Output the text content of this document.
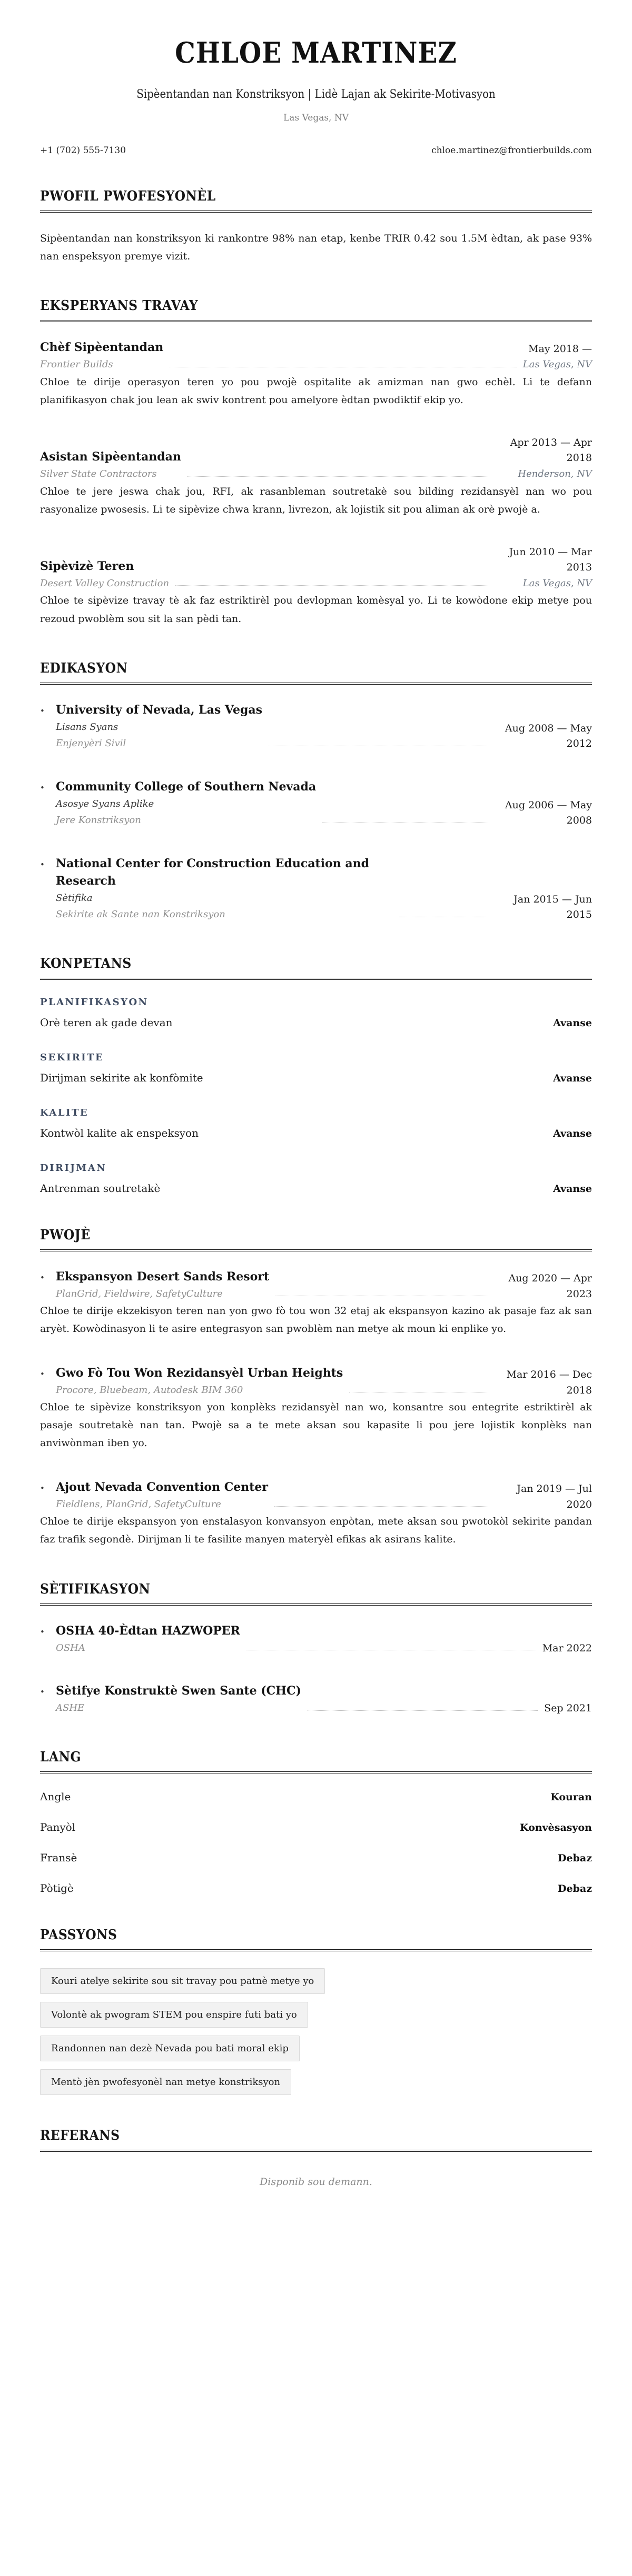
CHLOE MARTINEZ
Sipèentandan nan Konstriksyon | Lidè Lajan ak Sekirite-Motivasyon
Las Vegas, NV
+1 (702) 555-7130	chloe.martinez@frontierbuilds.com
PWOFIL PWOFESYONÈL

Sipèentandan nan konstriksyon ki rankontre 98% nan etap, kenbe TRIR 0.42 sou 1.5M èdtan, ak pase 93% nan enspeksyon premye vizit.

EKSPERYANS TRAVAY
Chèf Sipèentandan
Frontier Builds
May 2018 —
Las Vegas, NV

Chloe te dirije operasyon teren yo pou pwojè ospitalite ak amizman nan gwo echèl. Li te defann planifikasyon chak jou lean ak swiv kontrent pou amelyore èdtan pwodiktif ekip yo.

Asistan Sipèentandan
Silver State Contractors
Apr 2013 — Apr 2018
Henderson, NV

Chloe te jere jeswa chak jou, RFI, ak rasanbleman soutretakè sou bilding rezidansyèl nan wo pou rasyonalize pwosesis. Li te sipèvize chwa krann, livrezon, ak lojistik sit pou aliman ak orè pwojè a.

Sipèvizè Teren
Desert Valley Construction
Jun 2010 — Mar 2013
Las Vegas, NV

Chloe te sipèvize travay tè ak faz estriktirèl pou devlopman komèsyal yo. Li te kowòdone ekip metye pou rezoud pwoblèm sou sit la san pèdi tan.

EDIKASYON
•
University of Nevada, Las Vegas
Lisans Syans
Enjenyèri Sivil
Aug 2008 — May 2012
•
Community College of Southern Nevada
Asosye Syans Aplike
Jere Konstriksyon
Aug 2006 — May 2008
•
National Center for Construction Education and Research
Sètifika
Sekirite ak Sante nan Konstriksyon
Jan 2015 — Jun 2015
KONPETANS
PLANIFIKASYON
Orè teren ak gade devan	Avanse
SEKIRITE
Dirijman sekirite ak konfòmite	Avanse
KALITE
Kontwòl kalite ak enspeksyon	Avanse
DIRIJMAN
Antrenman soutretakè	Avanse
PWOJÈ
•
Ekspansyon Desert Sands Resort
PlanGrid, Fieldwire, SafetyCulture
Aug 2020 — Apr 2023

Chloe te dirije ekzekisyon teren nan yon gwo fò tou won 32 etaj ak ekspansyon kazino ak pasaje faz ak san aryèt. Kowòdinasyon li te asire entegrasyon san pwoblèm nan metye ak moun ki enplike yo.

•
Gwo Fò Tou Won Rezidansyèl Urban Heights
Procore, Bluebeam, Autodesk BIM 360
Mar 2016 — Dec 2018

Chloe te sipèvize konstriksyon yon konplèks rezidansyèl nan wo, konsantre sou entegrite estriktirèl ak pasaje soutretakè nan tan. Pwojè sa a te mete aksan sou kapasite li pou jere lojistik konplèks nan anviwònman iben yo.

•
Ajout Nevada Convention Center
Fieldlens, PlanGrid, SafetyCulture
Jan 2019 — Jul 2020

Chloe te dirije ekspansyon yon enstalasyon konvansyon enpòtan, mete aksan sou pwotokòl sekirite pandan faz trafik segondè. Dirijman li te fasilite manyen materyèl efikas ak asirans kalite.

SÈTIFIKASYON
•
OSHA 40-Èdtan HAZWOPER
OSHA	Mar 2022
•
Sètifye Konstruktè Swen Sante (CHC)
ASHE	Sep 2021
LANG
Angle	Kouran
Panyòl	Konvèsasyon
Fransè	Debaz
Pòtigè	Debaz
PASSYONS
Kouri atelye sekirite sou sit travay pou patnè metye yo
Volontè ak pwogram STEM pou enspire futi bati yo
Randonnen nan dezè Nevada pou bati moral ekip
Mentò jèn pwofesyonèl nan metye konstriksyon
REFERANS
Disponib sou demann.
